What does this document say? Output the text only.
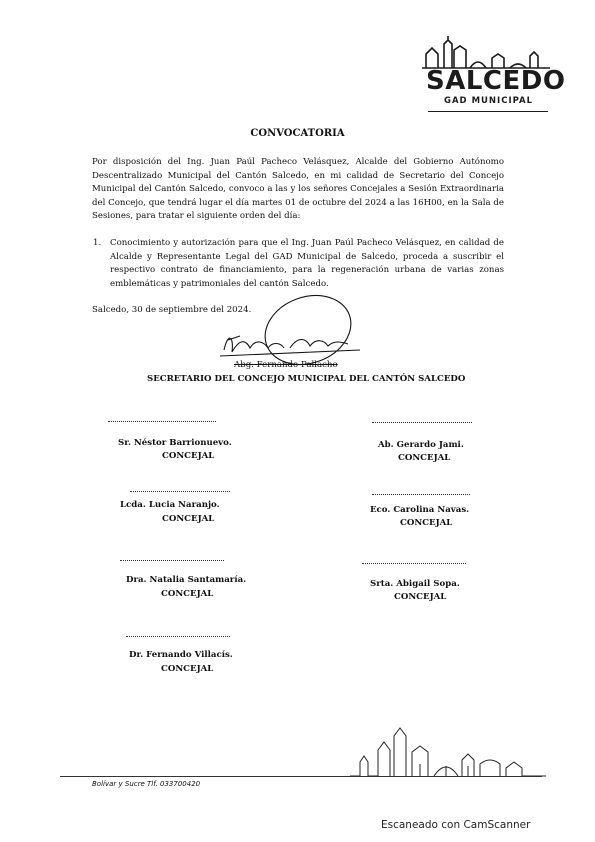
SALCEDO
GAD MUNICIPAL
CONVOCATORIA
Por disposición del Ing. Juan Paúl Pacheco Velásquez, Alcalde del Gobierno Autónomo Descentralizado Municipal del Cantón Salcedo, en mi calidad de Secretario del Concejo Municipal del Cantón Salcedo, convoco a las y los señores Concejales a Sesión Extraordinaria del Concejo, que tendrá lugar el día martes 01 de octubre del 2024 a las 16H00, en la Sala de Sesiones, para tratar el siguiente orden del día:
1. Conocimiento y autorización para que el Ing. Juan Paúl Pacheco Velásquez, en calidad de Alcalde y Representante Legal del GAD Municipal de Salcedo, proceda a suscribir el respectivo contrato de financiamiento, para la regeneración urbana de varias zonas emblemáticas y patrimoniales del cantón Salcedo.
Salcedo, 30 de septiembre del 2024.
Abg. Fernando Pallacho
SECRETARIO DEL CONCEJO MUNICIPAL DEL CANTÓN SALCEDO
Sr. Néstor Barrionuevo.
CONCEJAL
Ab. Gerardo Jami.
CONCEJAL
Lcda. Lucia Naranjo.
CONCEJAL
Eco. Carolina Navas.
CONCEJAL
Dra. Natalia Santamaría.
CONCEJAL
Srta. Abigail Sopa.
CONCEJAL
Dr. Fernando Villacís.
CONCEJAL
Bolívar y Sucre Tlf. 033700420
Escaneado con CamScanner
